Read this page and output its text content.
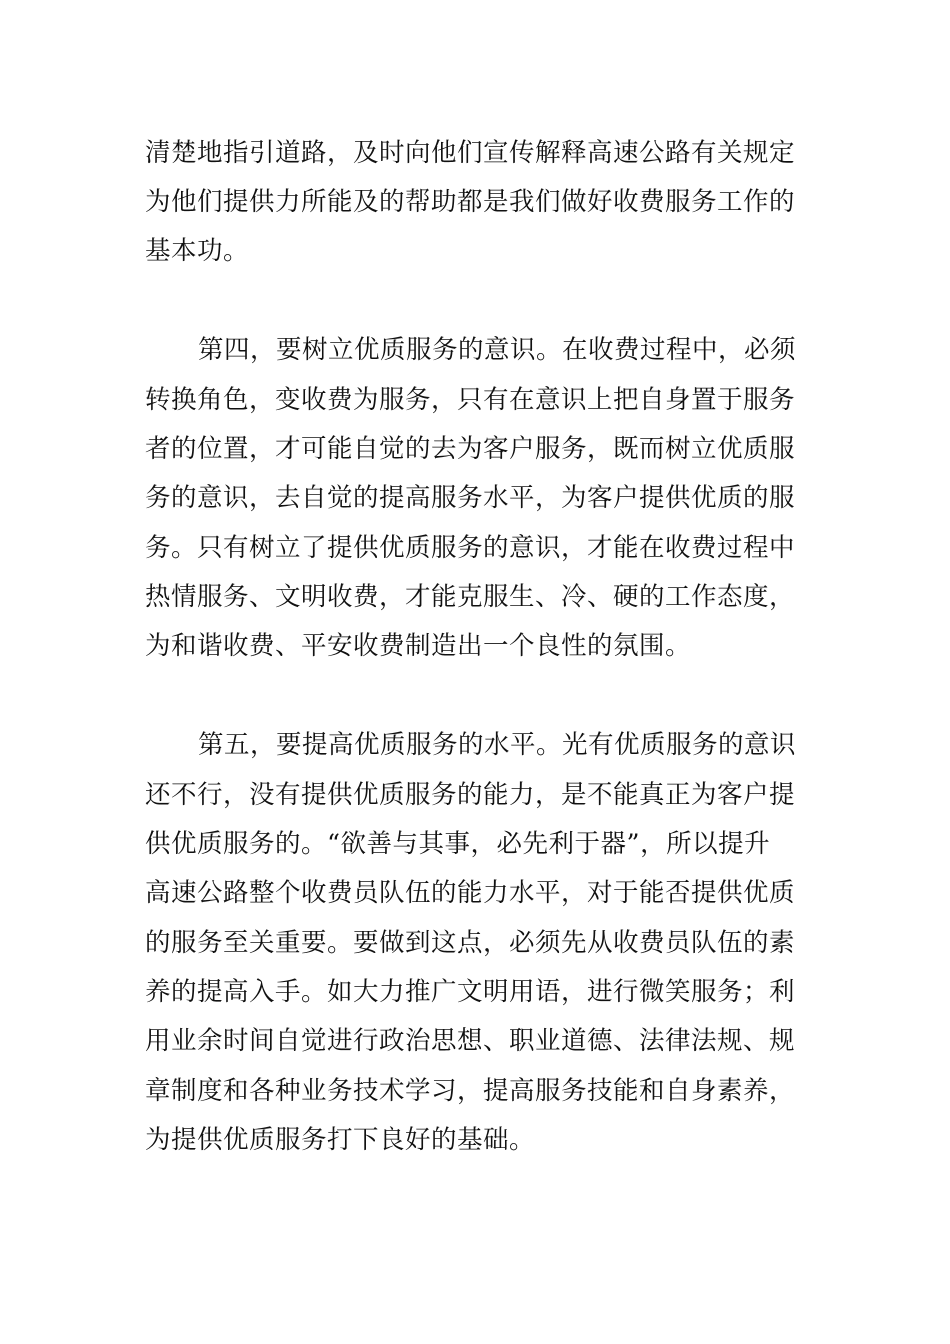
清楚地指引道路，及时向他们宣传解释高速公路有关规定
为他们提供力所能及的帮助都是我们做好收费服务工作的
基本功。
第四，要树立优质服务的意识。在收费过程中，必须
转换角色，变收费为服务，只有在意识上把自身置于服务
者的位置，才可能自觉的去为客户服务，既而树立优质服
务的意识，去自觉的提高服务水平，为客户提供优质的服
务。只有树立了提供优质服务的意识，才能在收费过程中
热情服务、文明收费，才能克服生、冷、硬的工作态度，
为和谐收费、平安收费制造出一个良性的氛围。
第五，要提高优质服务的水平。光有优质服务的意识
还不行，没有提供优质服务的能力，是不能真正为客户提
供优质服务的。“欲善与其事，必先利于器”，所以提升
高速公路整个收费员队伍的能力水平，对于能否提供优质
的服务至关重要。要做到这点，必须先从收费员队伍的素
养的提高入手。如大力推广文明用语，进行微笑服务；利
用业余时间自觉进行政治思想、职业道德、法律法规、规
章制度和各种业务技术学习，提高服务技能和自身素养，
为提供优质服务打下良好的基础。
